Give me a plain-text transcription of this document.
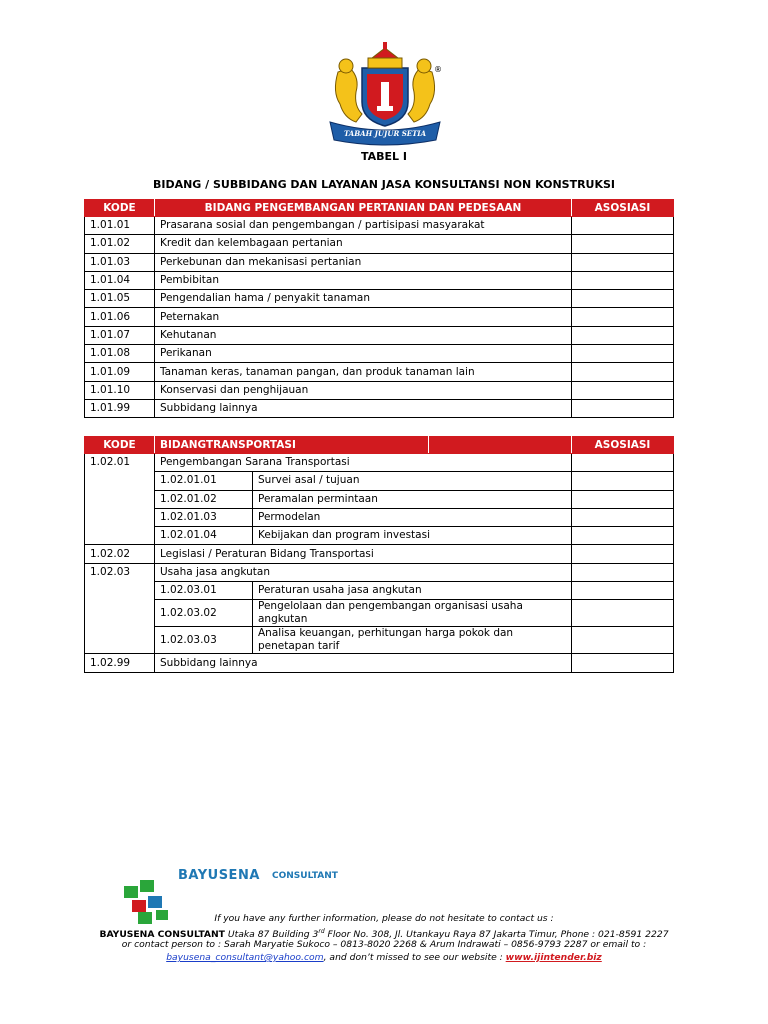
TABAH JUJUR SETIA
®
TABEL I
BIDANG / SUBBIDANG DAN LAYANAN JASA KONSULTANSI NON KONSTRUKSI
KODE	BIDANG PENGEMBANGAN PERTANIAN DAN PEDESAAN	ASOSIASI
1.01.01	Prasarana sosial dan pengembangan / partisipasi masyarakat	
1.01.02	Kredit dan kelembagaan pertanian	
1.01.03	Perkebunan dan mekanisasi pertanian	
1.01.04	Pembibitan	
1.01.05	Pengendalian hama / penyakit tanaman	
1.01.06	Peternakan	
1.01.07	Kehutanan	
1.01.08	Perikanan	
1.01.09	Tanaman keras, tanaman pangan, dan produk tanaman lain	
1.01.10	Konservasi dan penghijauan	
1.01.99	Subbidang lainnya	
KODE	BIDANGTRANSPORTASI			ASOSIASI
1.02.01	Pengembangan Sarana Transportasi			
	1.02.01.01	Survei asal / tujuan		
	1.02.01.02	Peramalan permintaan		
	1.02.01.03	Permodelan		
	1.02.01.04	Kebijakan dan program investasi		
1.02.02	Legislasi / Peraturan Bidang Transportasi			
1.02.03	Usaha jasa angkutan			
	1.02.03.01	Peraturan usaha jasa angkutan		
	1.02.03.02	Pengelolaan dan pengembangan organisasi usaha angkutan		
	1.02.03.03	Analisa keuangan, perhitungan harga pokok dan penetapan tarif		
1.02.99	Subbidang lainnya			
BAYUSENA CONSULTANT
If you have any further information, please do not hesitate to contact us :
BAYUSENA CONSULTANT Utaka 87 Building 3rd Floor No. 308, Jl. Utankayu Raya 87 Jakarta Timur, Phone : 021-8591 2227
or contact person to : Sarah Maryatie Sukoco – 0813-8020 2268 & Arum Indrawati – 0856-9793 2287 or email to :
bayusena_consultant@yahoo.com, and don’t missed to see our website : www.ijintender.biz
